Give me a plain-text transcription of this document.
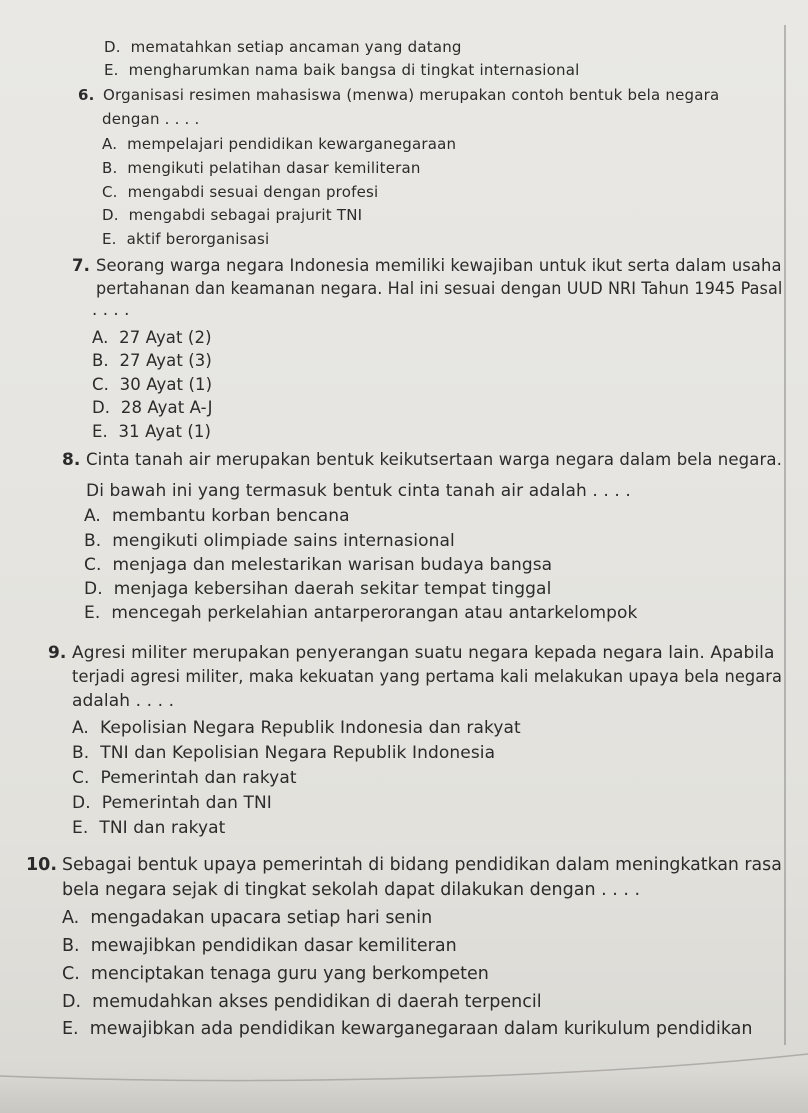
D.  mematahkan setiap ancaman yang datang
E.  mengharumkan nama baik bangsa di tingkat internasional
6. Organisasi resimen mahasiswa (menwa) merupakan contoh bentuk bela negara
dengan . . . .
A.  mempelajari pendidikan kewarganegaraan
B.  mengikuti pelatihan dasar kemiliteran
C.  mengabdi sesuai dengan profesi
D.  mengabdi sebagai prajurit TNI
E.  aktif berorganisasi
7. Seorang warga negara Indonesia memiliki kewajiban untuk ikut serta dalam usaha
pertahanan dan keamanan negara. Hal ini sesuai dengan UUD NRI Tahun 1945 Pasal
. . . .
A.  27 Ayat (2)
B.  27 Ayat (3)
C.  30 Ayat (1)
D.  28 Ayat A-J
E.  31 Ayat (1)
8. Cinta tanah air merupakan bentuk keikutsertaan warga negara dalam bela negara.
Di bawah ini yang termasuk bentuk cinta tanah air adalah . . . .
A.  membantu korban bencana
B.  mengikuti olimpiade sains internasional
C.  menjaga dan melestarikan warisan budaya bangsa
D.  menjaga kebersihan daerah sekitar tempat tinggal
E.  mencegah perkelahian antarperorangan atau antarkelompok
9. Agresi militer merupakan penyerangan suatu negara kepada negara lain. Apabila
terjadi agresi militer, maka kekuatan yang pertama kali melakukan upaya bela negara
adalah . . . .
A.  Kepolisian Negara Republik Indonesia dan rakyat
B.  TNI dan Kepolisian Negara Republik Indonesia
C.  Pemerintah dan rakyat
D.  Pemerintah dan TNI
E.  TNI dan rakyat
10. Sebagai bentuk upaya pemerintah di bidang pendidikan dalam meningkatkan rasa
bela negara sejak di tingkat sekolah dapat dilakukan dengan . . . .
A.  mengadakan upacara setiap hari senin
B.  mewajibkan pendidikan dasar kemiliteran
C.  menciptakan tenaga guru yang berkompeten
D.  memudahkan akses pendidikan di daerah terpencil
E.  mewajibkan ada pendidikan kewarganegaraan dalam kurikulum pendidikan
